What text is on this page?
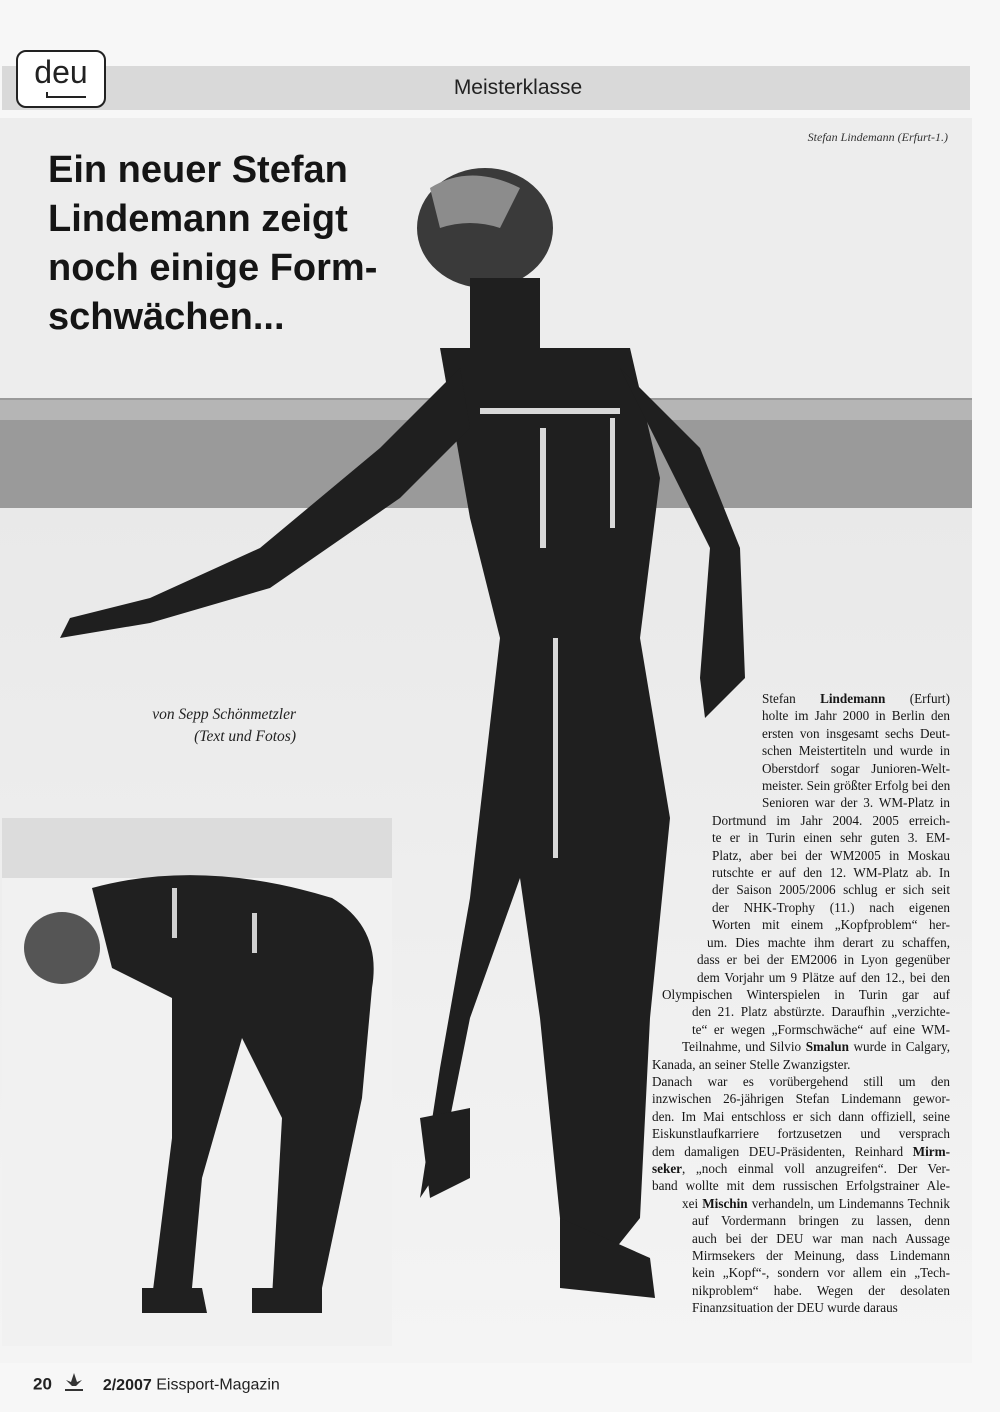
Meisterklasse
deu
Stefan Lindemann (Erfurt-1.)
Ein neuer Stefan
Lindemann zeigt
noch einige Form-
schwächen...
von Sepp Schönmetzler
(Text und Fotos)
Stefan Lindemann (Erfurt)
holte im Jahr 2000 in Berlin den
ersten von insgesamt sechs Deut-
schen Meistertiteln und wurde in
Oberstdorf sogar Junioren-Welt-
meister. Sein größter Erfolg bei den
Senioren war der 3. WM-Platz in
Dortmund im Jahr 2004. 2005 erreich-
te er in Turin einen sehr guten 3. EM-
Platz, aber bei der WM2005 in Moskau
rutschte er auf den 12. WM-Platz ab. In
der Saison 2005/2006 schlug er sich seit
der NHK-Trophy (11.) nach eigenen
Worten mit einem „Kopfproblem“ her-
um. Dies machte ihm derart zu schaffen,
dass er bei der EM2006 in Lyon gegenüber
dem Vorjahr um 9 Plätze auf den 12., bei den
Olympischen Winterspielen in Turin gar auf
den 21. Platz abstürzte. Daraufhin „verzichte-
te“ er wegen „Formschwäche“ auf eine WM-
Teilnahme, und Silvio Smalun wurde in Calgary,
Kanada, an seiner Stelle Zwanzigster.
Danach war es vorübergehend still um den
inzwischen 26-jährigen Stefan Lindemann gewor-
den. Im Mai entschloss er sich dann offiziell, seine
Eiskunstlaufkarriere fortzusetzen und versprach
dem damaligen DEU-Präsidenten, Reinhard Mirm-
seker, „noch einmal voll anzugreifen“. Der Ver-
band wollte mit dem russischen Erfolgstrainer Ale-
xei Mischin verhandeln, um Lindemanns Technik
auf Vordermann bringen zu lassen, denn
auch bei der DEU war man nach Aussage
Mirmsekers der Meinung, dass Lindemann
kein „Kopf“-, sondern vor allem ein „Tech-
nikproblem“ habe. Wegen der desolaten
Finanzsituation der DEU wurde daraus
20	2/2007 Eissport-Magazin
